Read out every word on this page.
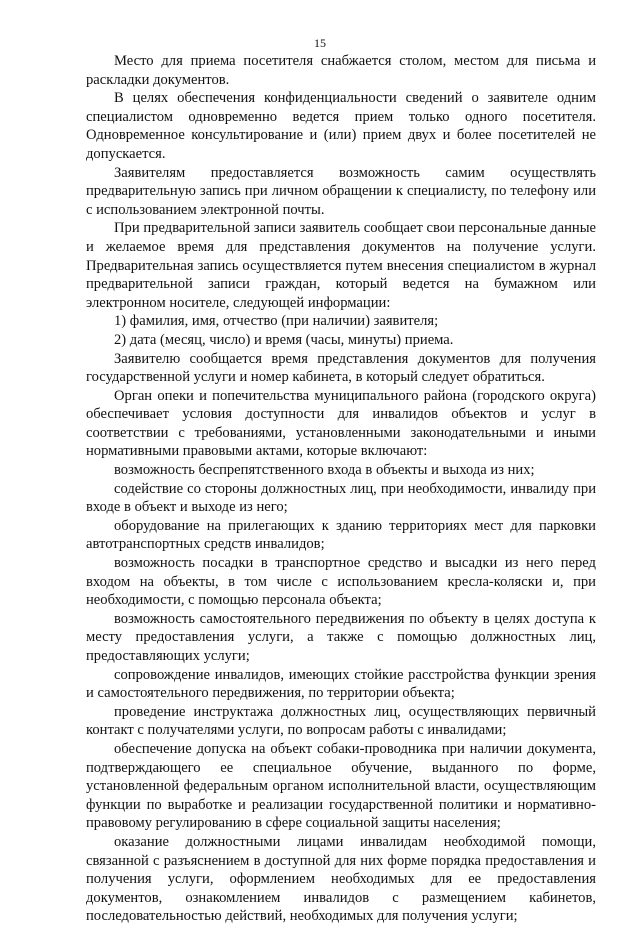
15

Место для приема посетителя снабжается столом, местом для письма и раскладки документов.

В целях обеспечения конфиденциальности сведений о заявителе одним специалистом одновременно ведется прием только одного посетителя. Одновременное консультирование и (или) прием двух и более посетителей не допускается.

Заявителям предоставляется возможность самим осуществлять предварительную запись при личном обращении к специалисту, по телефону или с использованием электронной почты.

При предварительной записи заявитель сообщает свои персональные данные и желаемое время для представления документов на получение услуги. Предварительная запись осуществляется путем внесения специалистом в журнал предварительной записи граждан, который ведется на бумажном или электронном носителе, следующей информации:

1) фамилия, имя, отчество (при наличии) заявителя;

2) дата (месяц, число) и время (часы, минуты) приема.

Заявителю сообщается время представления документов для получения государственной услуги и номер кабинета, в который следует обратиться.

Орган опеки и попечительства муниципального района (городского округа) обеспечивает условия доступности для инвалидов объектов и услуг в соответствии с требованиями, установленными законодательными и иными нормативными правовыми актами, которые включают:

возможность беспрепятственного входа в объекты и выхода из них;

содействие со стороны должностных лиц, при необходимости, инвалиду при входе в объект и выходе из него;

оборудование на прилегающих к зданию территориях мест для парковки автотранспортных средств инвалидов;

возможность посадки в транспортное средство и высадки из него перед входом на объекты, в том числе с использованием кресла-коляски и, при необходимости, с помощью персонала объекта;

возможность самостоятельного передвижения по объекту в целях доступа к месту предоставления услуги, а также с помощью должностных лиц, предоставляющих услуги;

сопровождение инвалидов, имеющих стойкие расстройства функции зрения и самостоятельного передвижения, по территории объекта;

проведение инструктажа должностных лиц, осуществляющих первичный контакт с получателями услуги, по вопросам работы с инвалидами;

обеспечение допуска на объект собаки-проводника при наличии документа, подтверждающего ее специальное обучение, выданного по форме, установленной федеральным органом исполнительной власти, осуществляющим функции по выработке и реализации государственной политики и нормативно-правовому регулированию в сфере социальной защиты населения;

оказание должностными лицами инвалидам необходимой помощи, связанной с разъяснением в доступной для них форме порядка предоставления и получения услуги, оформлением необходимых для ее предоставления документов, ознакомлением инвалидов с размещением кабинетов, последовательностью действий, необходимых для получения услуги;
